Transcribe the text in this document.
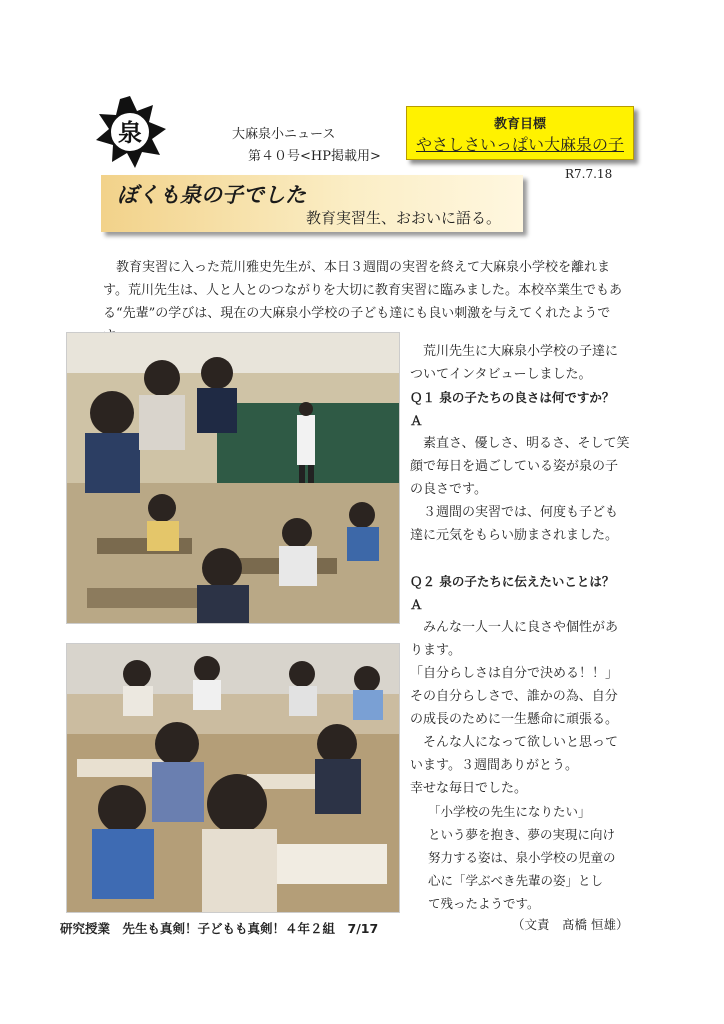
泉	大麻泉小ニュース
第４０号<HP掲載用>
教育目標
やさしさいっぱい大麻泉の子
R7.7.18
ぼくも泉の子でした
教育実習生、おおいに語る。
教育実習に入った荒川雅史先生が、本日３週間の実習を終えて大麻泉小学校を離れます。荒川先生は、人と人とのつながりを大切に教育実習に臨みました。本校卒業生でもある“先輩”の学びは、現在の大麻泉小学校の子ども達にも良い刺激を与えてくれたようで

荒川先生に大麻泉小学校の子達についてインタビューしました。

Ｑ１ 泉の子たちの良さは何ですか？

Ａ

素直さ、優しさ、明るさ、そして笑顔で毎日を過ごしている姿が泉の子の良さです。

３週間の実習では、何度も子ども達に元気をもらい励まされました。

Ｑ２ 泉の子たちに伝えたいことは？

Ａ

みんな一人一人に良さや個性があります。

「自分らしさは自分で決める！！」

その自分らしさで、誰かの為、自分の成長のために一生懸命に頑張る。

そんな人になって欲しいと思っています。３週間ありがとう。

幸せな毎日でした。

「小学校の先生になりたい」

という夢を抱き、夢の実現に向け

努力する姿は、泉小学校の児童の

心に「学ぶべき先輩の姿」とし

て残ったようです。

研究授業　先生も真剣！子どもも真剣！４年２組　7/17	（文責　髙橋 恒雄）
